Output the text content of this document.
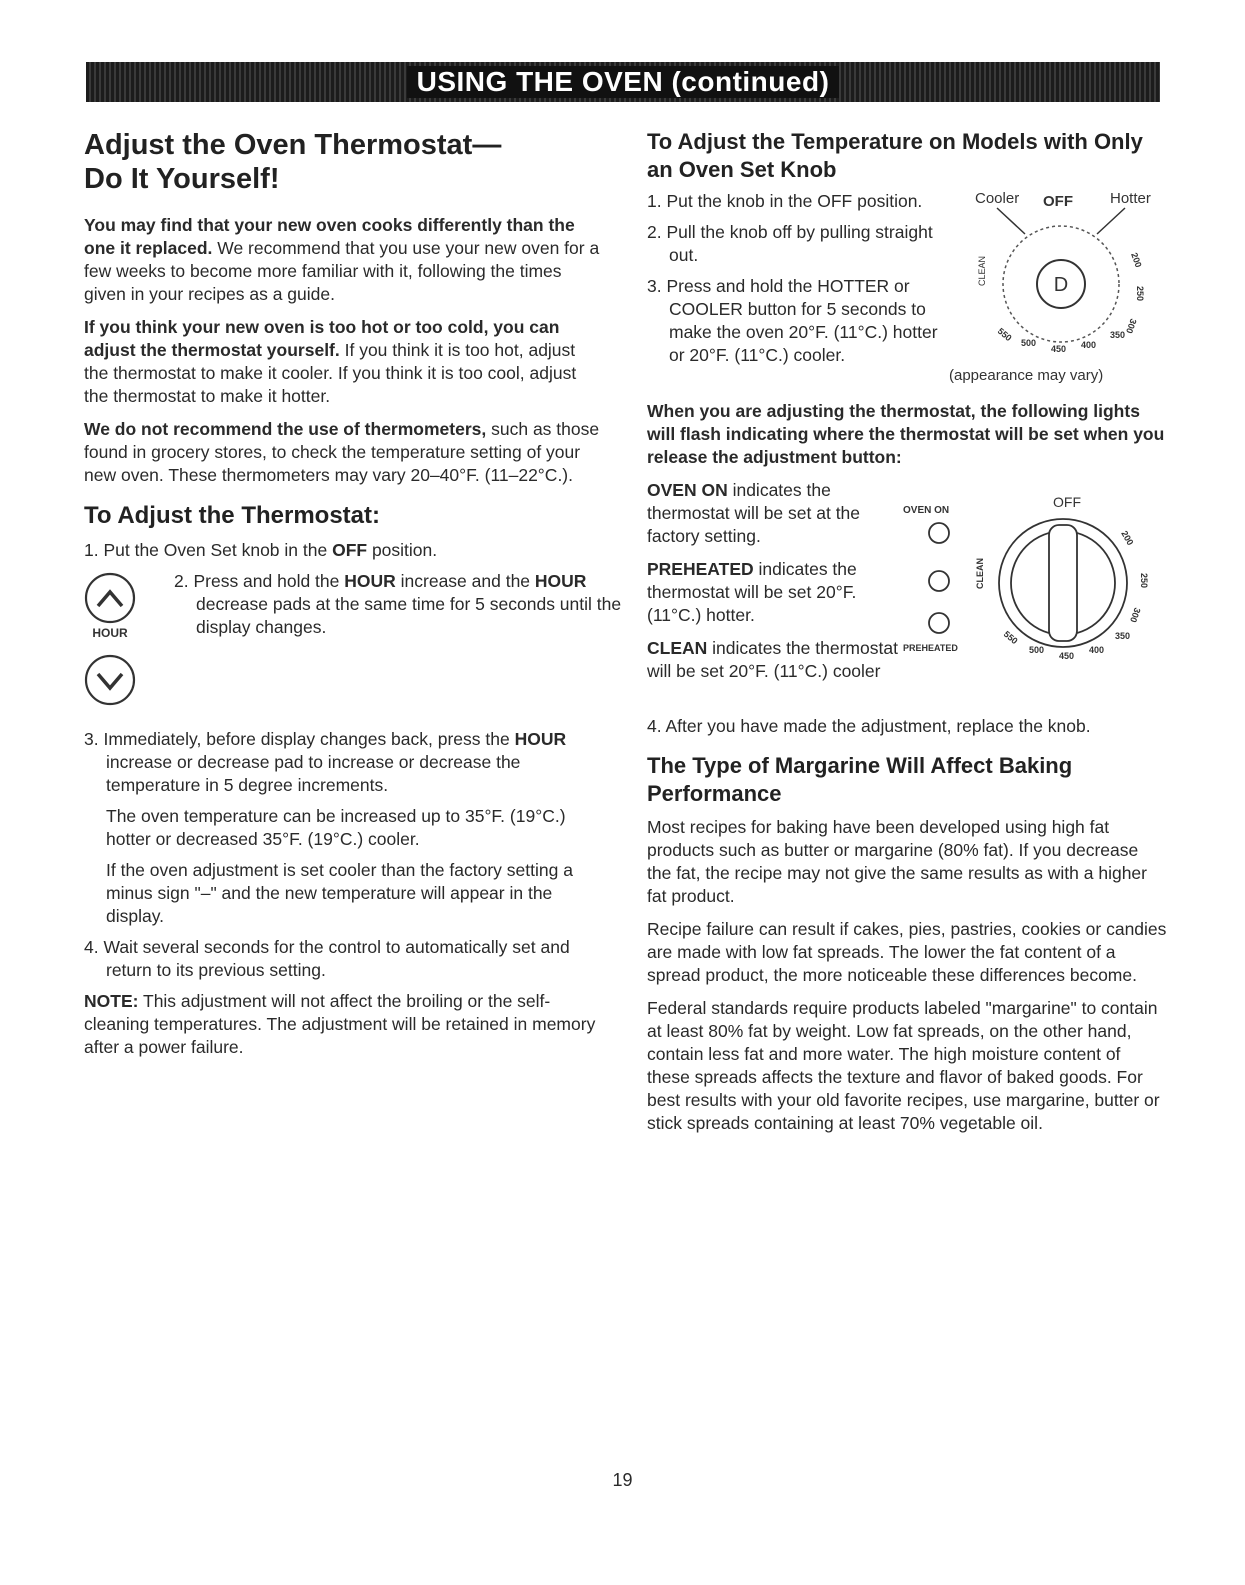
USING THE OVEN (continued)
Adjust the Oven Thermostat—
Do It Yourself!

You may find that your new oven cooks differently than the one it replaced. We recommend that you use your new oven for a few weeks to become more familiar with it, following the times given in your recipes as a guide.

If you think your new oven is too hot or too cold, you can adjust the thermostat yourself. If you think it is too hot, adjust the thermostat to make it cooler. If you think it is too cool, adjust the thermostat to make it hotter.

We do not recommend the use of thermometers, such as those found in grocery stores, to check the temperature setting of your new oven. These thermometers may vary 20–40°F. (11–22°C.).

To Adjust the Thermostat:
1. Put the Oven Set knob in the OFF position.
HOUR
2. Press and hold the HOUR increase and the HOUR decrease pads at the same time for 5 seconds until the display changes.
3. Immediately, before display changes back, press the HOUR increase or decrease pad to increase or decrease the temperature in 5 degree increments.
The oven temperature can be increased up to 35°F. (19°C.) hotter or decreased 35°F. (19°C.) cooler.
If the oven adjustment is set cooler than the factory setting a minus sign "–" and the new temperature will appear in the display.
4. Wait several seconds for the control to automatically set and return to its previous setting.

NOTE: This adjustment will not affect the broiling or the self-cleaning temperatures. The adjustment will be retained in memory after a power failure.

To Adjust the Temperature on Models with Only an Oven Set Knob
1. Put the knob in the OFF position.
2. Pull the knob off by pulling straight out.
3. Press and hold the HOTTER or COOLER button for 5 seconds to make the oven 20°F. (11°C.) hotter or 20°F. (11°C.) cooler.
Cooler OFF Hotter
D
CLEAN	200
250
300
350
400
450
500
550
(appearance may vary)

When you are adjusting the thermostat, the following lights will flash indicating where the thermostat will be set when you release the adjustment button:

OVEN ON indicates the thermostat will be set at the factory setting.

PREHEATED indicates the thermostat will be set 20°F. (11°C.) hotter.

CLEAN indicates the thermostat will be set 20°F. (11°C.) cooler

OVEN ON
PREHEATED
OFF
CLEAN
200
250
300
350
400
450
500
550
4. After you have made the adjustment, replace the knob.
The Type of Margarine Will Affect Baking Performance

Most recipes for baking have been developed using high fat products such as butter or margarine (80% fat). If you decrease the fat, the recipe may not give the same results as with a higher fat product.

Recipe failure can result if cakes, pies, pastries, cookies or candies are made with low fat spreads. The lower the fat content of a spread product, the more noticeable these differences become.

Federal standards require products labeled "margarine" to contain at least 80% fat by weight. Low fat spreads, on the other hand, contain less fat and more water. The high moisture content of these spreads affects the texture and flavor of baked goods. For best results with your old favorite recipes, use margarine, butter or stick spreads containing at least 70% vegetable oil.

19
